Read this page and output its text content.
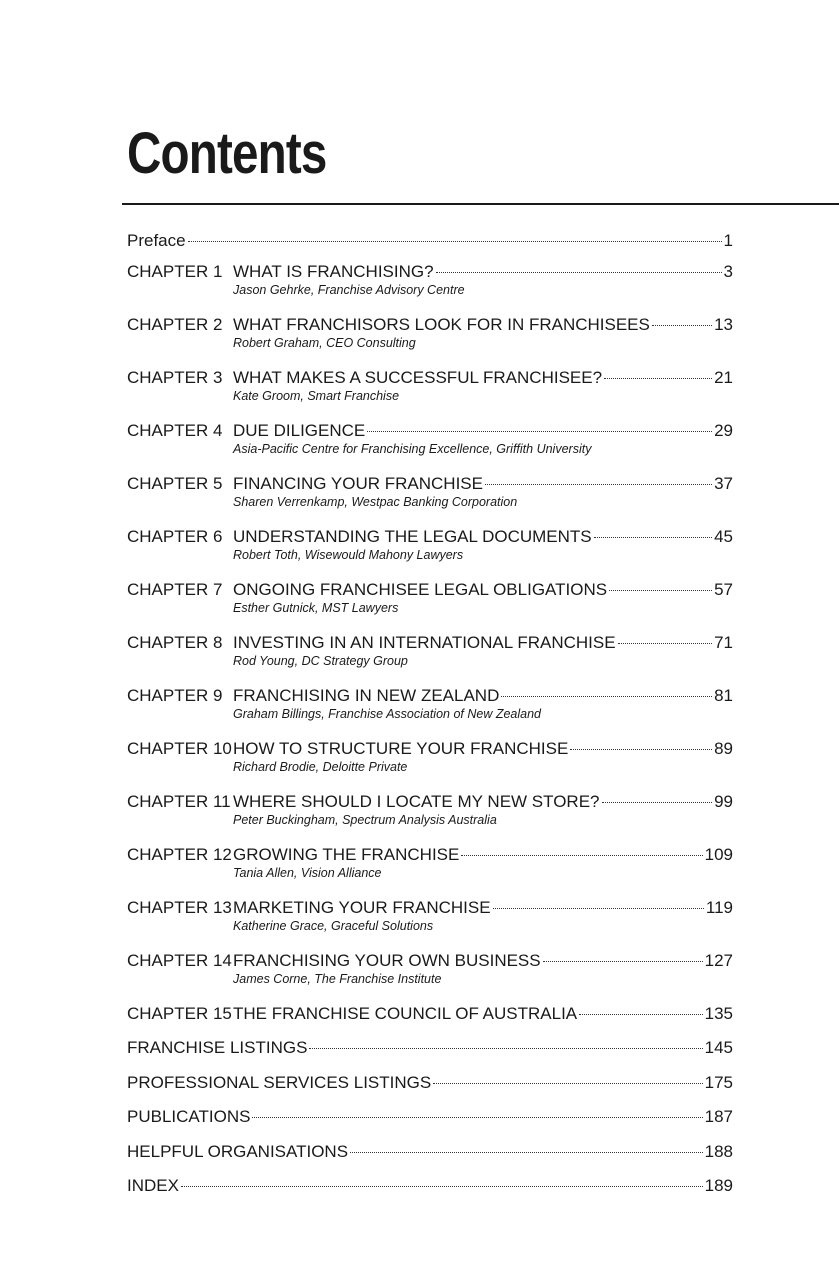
Contents
Preface	1
CHAPTER 1 WHAT IS FRANCHISING?	3
Jason Gehrke, Franchise Advisory Centre
CHAPTER 2 WHAT FRANCHISORS LOOK FOR IN FRANCHISEES	13
Robert Graham, CEO Consulting
CHAPTER 3 WHAT MAKES A SUCCESSFUL FRANCHISEE?	21
Kate Groom, Smart Franchise
CHAPTER 4 DUE DILIGENCE	29
Asia-Pacific Centre for Franchising Excellence, Griffith University
CHAPTER 5 FINANCING YOUR FRANCHISE	37
Sharen Verrenkamp, Westpac Banking Corporation
CHAPTER 6 UNDERSTANDING THE LEGAL DOCUMENTS	45
Robert Toth, Wisewould Mahony Lawyers
CHAPTER 7 ONGOING FRANCHISEE LEGAL OBLIGATIONS	57
Esther Gutnick, MST Lawyers
CHAPTER 8 INVESTING IN AN INTERNATIONAL FRANCHISE	71
Rod Young, DC Strategy Group
CHAPTER 9 FRANCHISING IN NEW ZEALAND	81
Graham Billings, Franchise Association of New Zealand
CHAPTER 10 HOW TO STRUCTURE YOUR FRANCHISE	89
Richard Brodie, Deloitte Private
CHAPTER 11 WHERE SHOULD I LOCATE MY NEW STORE?	99
Peter Buckingham, Spectrum Analysis Australia
CHAPTER 12 GROWING THE FRANCHISE	109
Tania Allen, Vision Alliance
CHAPTER 13 MARKETING YOUR FRANCHISE	119
Katherine Grace, Graceful Solutions
CHAPTER 14 FRANCHISING YOUR OWN BUSINESS	127
James Corne, The Franchise Institute
CHAPTER 15 THE FRANCHISE COUNCIL OF AUSTRALIA	135
FRANCHISE LISTINGS	145
PROFESSIONAL SERVICES LISTINGS	175
PUBLICATIONS	187
HELPFUL ORGANISATIONS	188
INDEX	189
